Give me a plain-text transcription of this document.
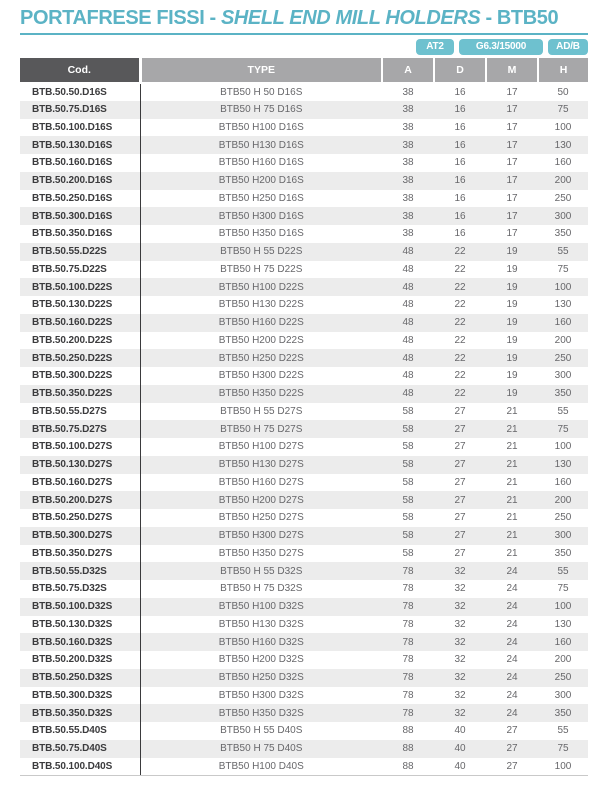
PORTAFRESE FISSI - SHELL END MILL HOLDERS - BTB50
AT2	G6.3/15000	AD/B
Cod.	TYPE	A	D	M	H
BTB.50.50.D16S	BTB50 H 50 D16S	38	16	17	50
BTB.50.75.D16S	BTB50 H 75 D16S	38	16	17	75
BTB.50.100.D16S	BTB50 H100 D16S	38	16	17	100
BTB.50.130.D16S	BTB50 H130 D16S	38	16	17	130
BTB.50.160.D16S	BTB50 H160 D16S	38	16	17	160
BTB.50.200.D16S	BTB50 H200 D16S	38	16	17	200
BTB.50.250.D16S	BTB50 H250 D16S	38	16	17	250
BTB.50.300.D16S	BTB50 H300 D16S	38	16	17	300
BTB.50.350.D16S	BTB50 H350 D16S	38	16	17	350
BTB.50.55.D22S	BTB50 H 55 D22S	48	22	19	55
BTB.50.75.D22S	BTB50 H 75 D22S	48	22	19	75
BTB.50.100.D22S	BTB50 H100 D22S	48	22	19	100
BTB.50.130.D22S	BTB50 H130 D22S	48	22	19	130
BTB.50.160.D22S	BTB50 H160 D22S	48	22	19	160
BTB.50.200.D22S	BTB50 H200 D22S	48	22	19	200
BTB.50.250.D22S	BTB50 H250 D22S	48	22	19	250
BTB.50.300.D22S	BTB50 H300 D22S	48	22	19	300
BTB.50.350.D22S	BTB50 H350 D22S	48	22	19	350
BTB.50.55.D27S	BTB50 H 55 D27S	58	27	21	55
BTB.50.75.D27S	BTB50 H 75 D27S	58	27	21	75
BTB.50.100.D27S	BTB50 H100 D27S	58	27	21	100
BTB.50.130.D27S	BTB50 H130 D27S	58	27	21	130
BTB.50.160.D27S	BTB50 H160 D27S	58	27	21	160
BTB.50.200.D27S	BTB50 H200 D27S	58	27	21	200
BTB.50.250.D27S	BTB50 H250 D27S	58	27	21	250
BTB.50.300.D27S	BTB50 H300 D27S	58	27	21	300
BTB.50.350.D27S	BTB50 H350 D27S	58	27	21	350
BTB.50.55.D32S	BTB50 H 55 D32S	78	32	24	55
BTB.50.75.D32S	BTB50 H 75 D32S	78	32	24	75
BTB.50.100.D32S	BTB50 H100 D32S	78	32	24	100
BTB.50.130.D32S	BTB50 H130 D32S	78	32	24	130
BTB.50.160.D32S	BTB50 H160 D32S	78	32	24	160
BTB.50.200.D32S	BTB50 H200 D32S	78	32	24	200
BTB.50.250.D32S	BTB50 H250 D32S	78	32	24	250
BTB.50.300.D32S	BTB50 H300 D32S	78	32	24	300
BTB.50.350.D32S	BTB50 H350 D32S	78	32	24	350
BTB.50.55.D40S	BTB50 H 55 D40S	88	40	27	55
BTB.50.75.D40S	BTB50 H 75 D40S	88	40	27	75
BTB.50.100.D40S	BTB50 H100 D40S	88	40	27	100
